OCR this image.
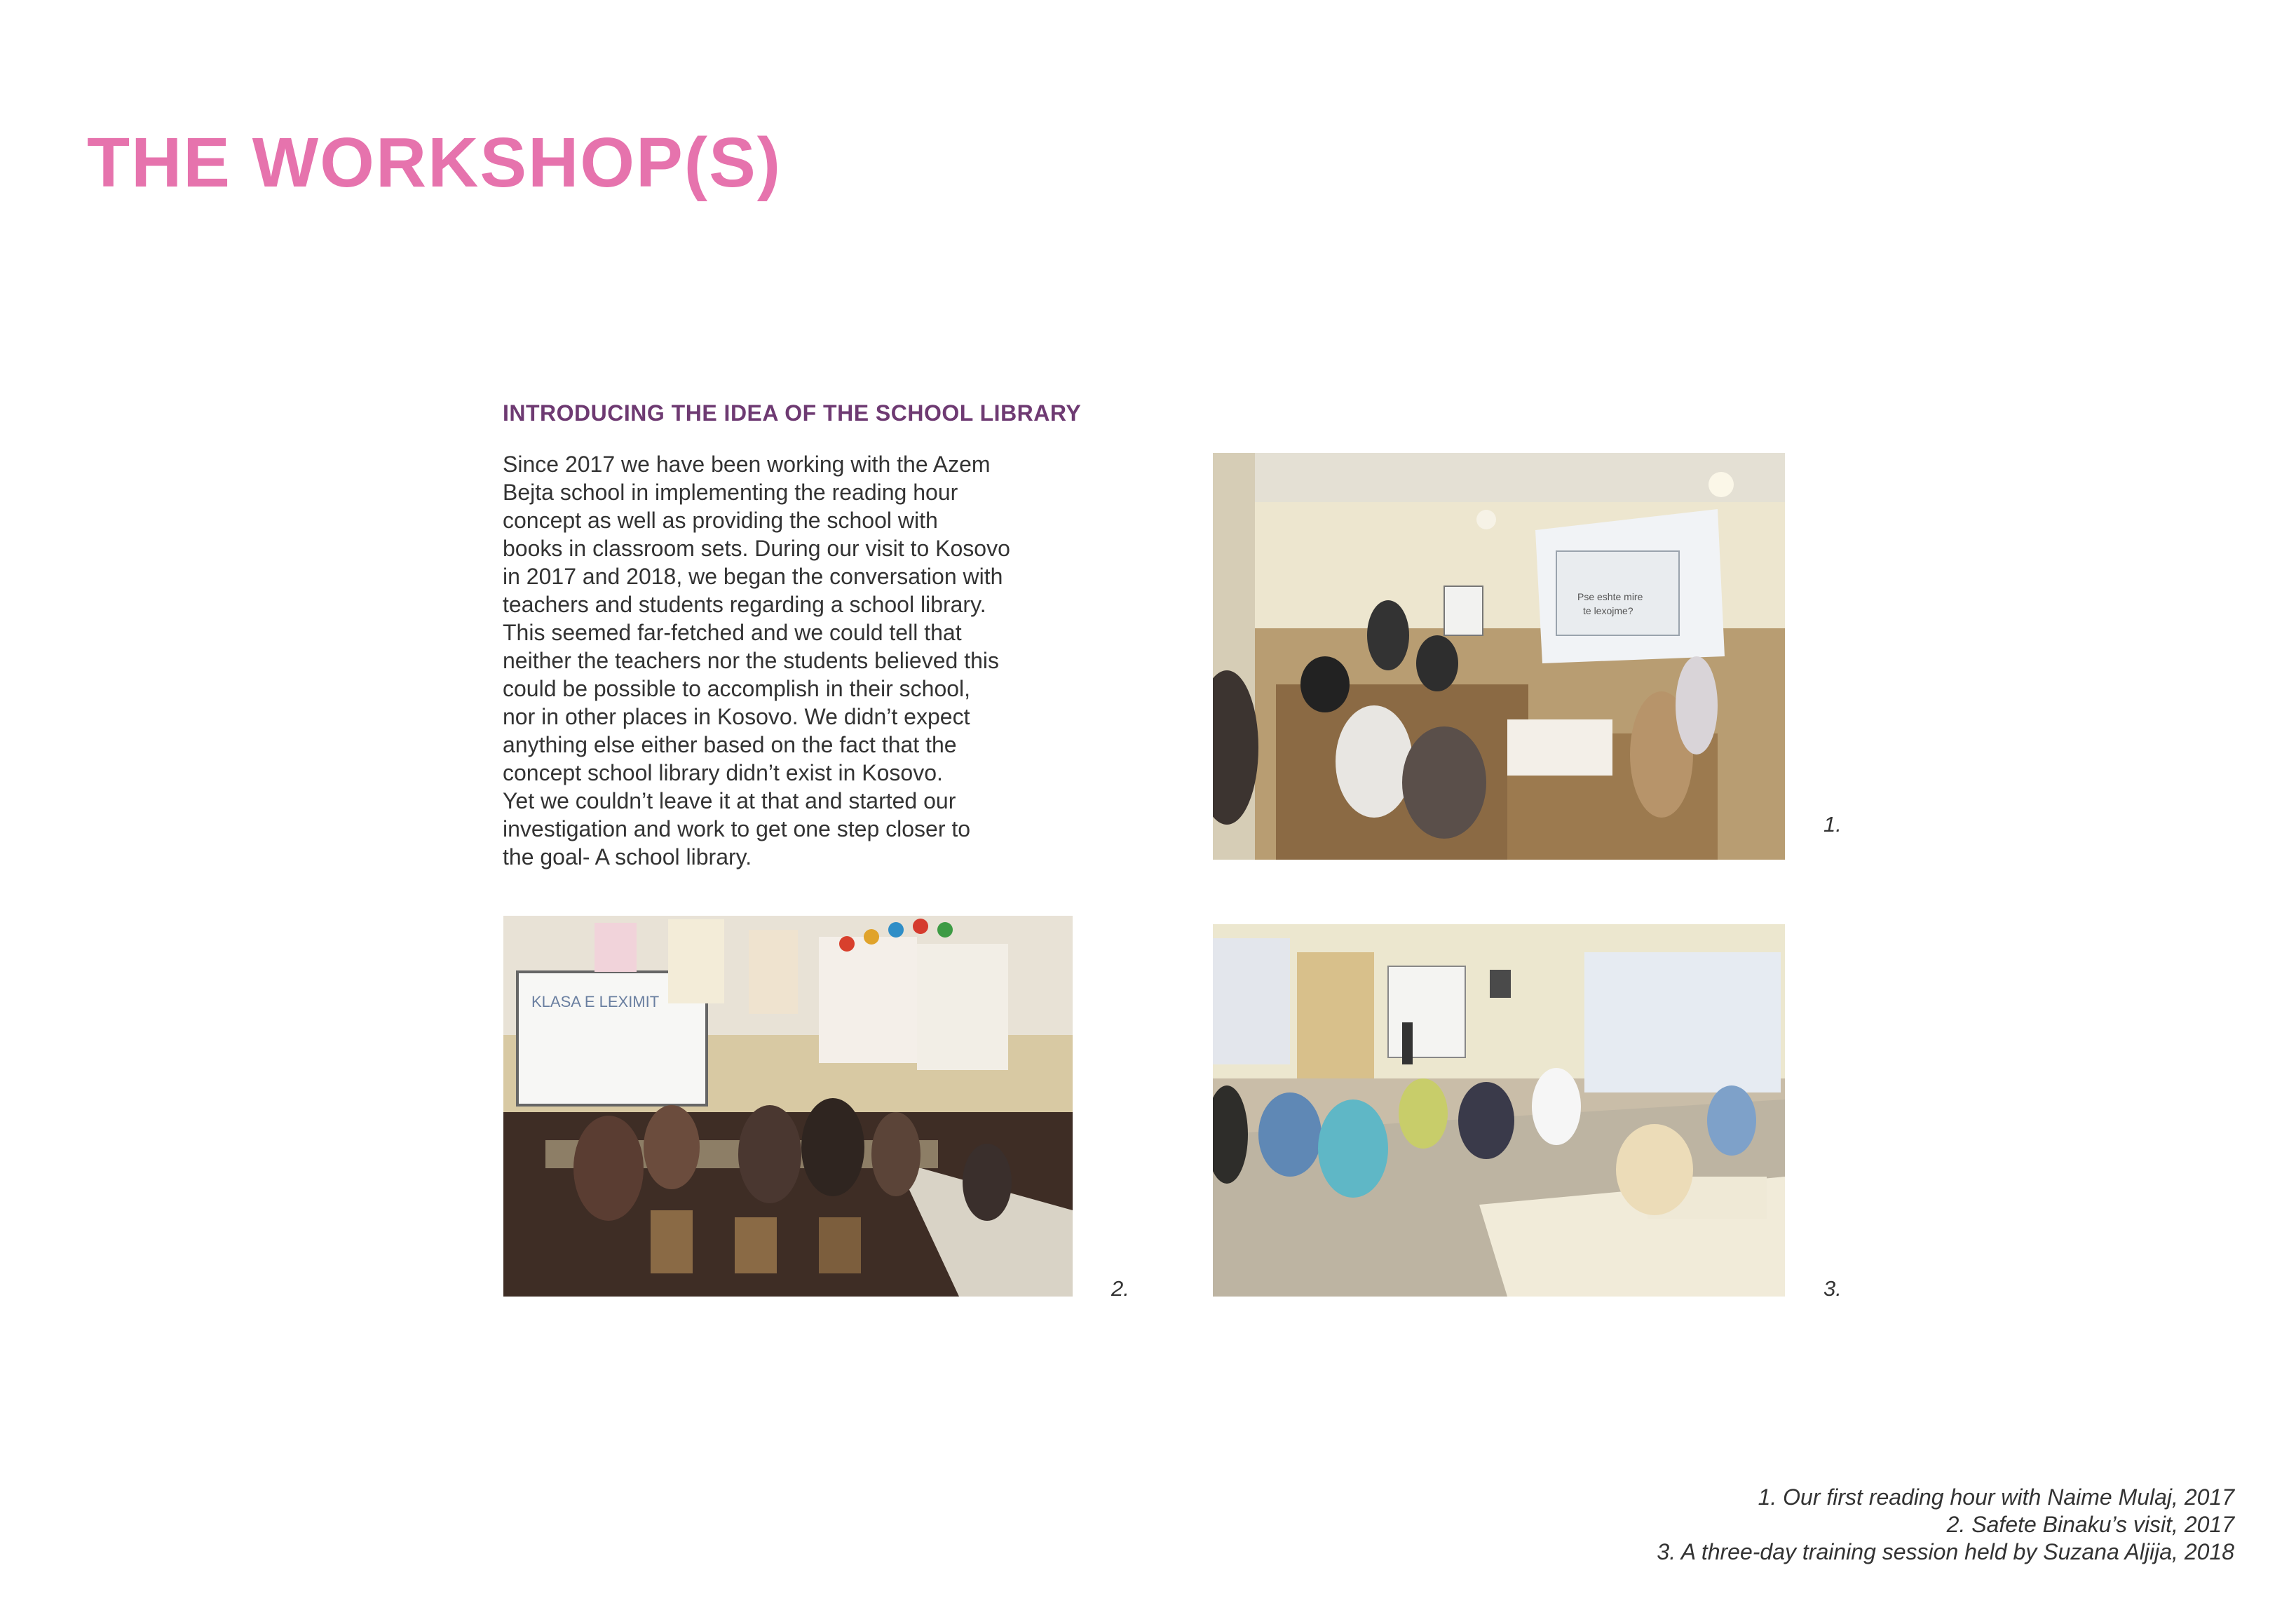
THE WORKSHOP(S)
INTRODUCING THE IDEA OF THE SCHOOL LIBRARY
Since 2017 we have been working with the Azem
Bejta school in implementing the reading hour
concept as well as providing the school with
books in classroom sets. During our visit to Kosovo
in 2017 and 2018, we began the conversation with
teachers and students regarding a school library.
This seemed far-fetched and we could tell that
neither the teachers nor the students believed this
could be possible to accomplish in their school,
nor in other places in Kosovo. We didn’t expect
anything else either based on the fact that the
concept school library didn’t exist in Kosovo.
Yet we couldn’t leave it at that and started our
investigation and work to get one step closer to
the goal- A school library.
Pse eshte mire
te lexojme?
1.
KLASA E LEXIMIT
2.	3.
1. Our first reading hour with Naime Mulaj, 2017
2. Safete Binaku’s visit, 2017
3. A three-day training session held by Suzana Aljija, 2018
